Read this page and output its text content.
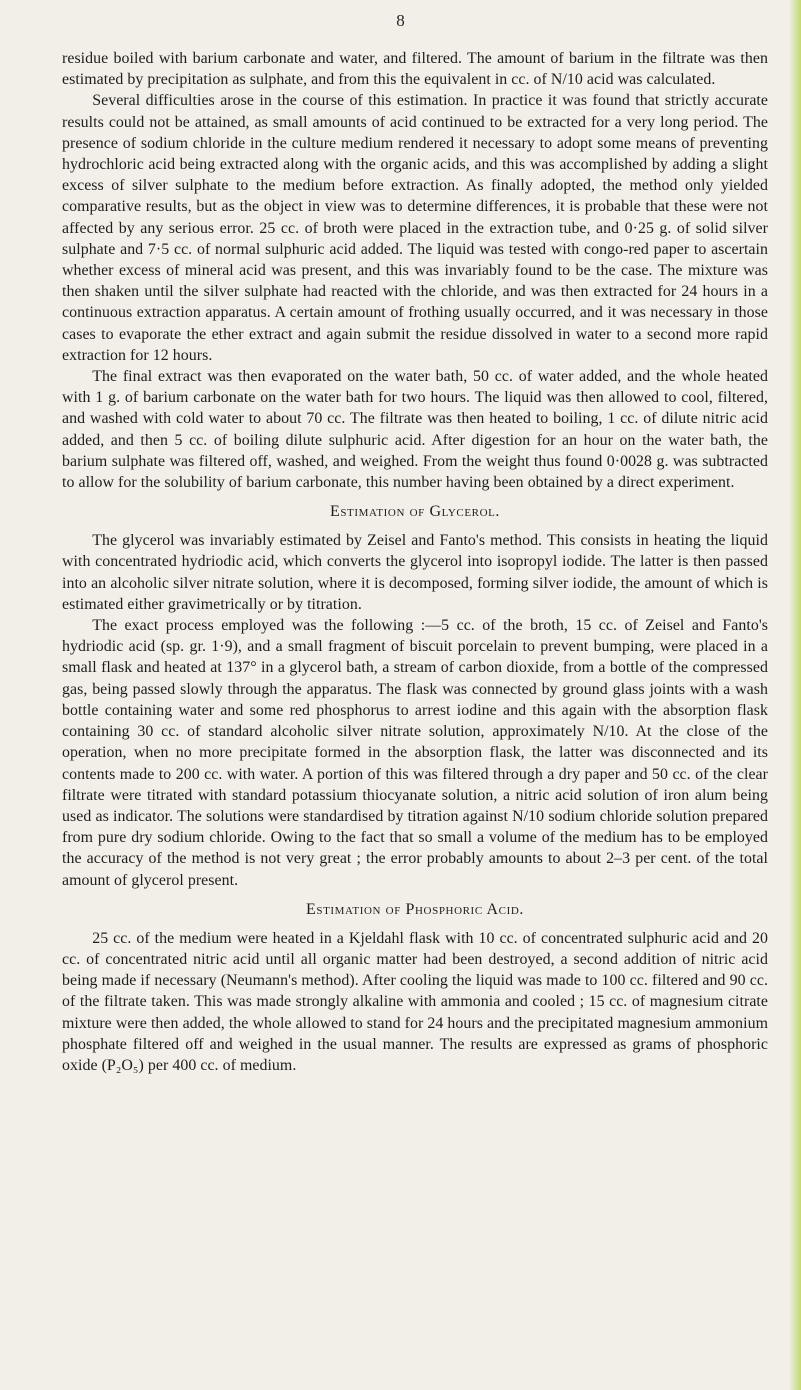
8

residue boiled with barium carbonate and water, and filtered. The amount of barium in the filtrate was then estimated by precipitation as sulphate, and from this the equivalent in cc. of N/10 acid was calculated.

Several difficulties arose in the course of this estimation. In practice it was found that strictly accurate results could not be attained, as small amounts of acid continued to be extracted for a very long period. The presence of sodium chloride in the culture medium rendered it necessary to adopt some means of preventing hydrochloric acid being extracted along with the organic acids, and this was accomplished by adding a slight excess of silver sulphate to the medium before extraction. As finally adopted, the method only yielded comparative results, but as the object in view was to determine differences, it is probable that these were not affected by any serious error. 25 cc. of broth were placed in the extraction tube, and 0·25 g. of solid silver sulphate and 7·5 cc. of normal sulphuric acid added. The liquid was tested with congo-red paper to ascertain whether excess of mineral acid was present, and this was invariably found to be the case. The mixture was then shaken until the silver sulphate had reacted with the chloride, and was then extracted for 24 hours in a continuous extraction apparatus. A certain amount of frothing usually occurred, and it was necessary in those cases to evaporate the ether extract and again submit the residue dissolved in water to a second more rapid extraction for 12 hours.

The final extract was then evaporated on the water bath, 50 cc. of water added, and the whole heated with 1 g. of barium carbonate on the water bath for two hours. The liquid was then allowed to cool, filtered, and washed with cold water to about 70 cc. The filtrate was then heated to boiling, 1 cc. of dilute nitric acid added, and then 5 cc. of boiling dilute sulphuric acid. After digestion for an hour on the water bath, the barium sulphate was filtered off, washed, and weighed. From the weight thus found 0·0028 g. was subtracted to allow for the solubility of barium carbonate, this number having been obtained by a direct experiment.

Estimation of Glycerol.

The glycerol was invariably estimated by Zeisel and Fanto's method. This consists in heating the liquid with concentrated hydriodic acid, which converts the glycerol into isopropyl iodide. The latter is then passed into an alcoholic silver nitrate solution, where it is decomposed, forming silver iodide, the amount of which is estimated either gravimetrically or by titration.

The exact process employed was the following :—5 cc. of the broth, 15 cc. of Zeisel and Fanto's hydriodic acid (sp. gr. 1·9), and a small fragment of biscuit porcelain to prevent bumping, were placed in a small flask and heated at 137° in a glycerol bath, a stream of carbon dioxide, from a bottle of the compressed gas, being passed slowly through the apparatus. The flask was connected by ground glass joints with a wash bottle containing water and some red phosphorus to arrest iodine and this again with the absorption flask containing 30 cc. of standard alcoholic silver nitrate solution, approximately N/10. At the close of the operation, when no more precipitate formed in the absorption flask, the latter was disconnected and its contents made to 200 cc. with water. A portion of this was filtered through a dry paper and 50 cc. of the clear filtrate were titrated with standard potassium thiocyanate solution, a nitric acid solution of iron alum being used as indicator. The solutions were standardised by titration against N/10 sodium chloride solution prepared from pure dry sodium chloride. Owing to the fact that so small a volume of the medium has to be employed the accuracy of the method is not very great ; the error probably amounts to about 2–3 per cent. of the total amount of glycerol present.

Estimation of Phosphoric Acid.

25 cc. of the medium were heated in a Kjeldahl flask with 10 cc. of concentrated sulphuric acid and 20 cc. of concentrated nitric acid until all organic matter had been destroyed, a second addition of nitric acid being made if necessary (Neumann's method). After cooling the liquid was made to 100 cc. filtered and 90 cc. of the filtrate taken. This was made strongly alkaline with ammonia and cooled ; 15 cc. of magnesium citrate mixture were then added, the whole allowed to stand for 24 hours and the precipitated magnesium ammonium phosphate filtered off and weighed in the usual manner. The results are expressed as grams of phosphoric oxide (P₂O₅) per 400 cc. of medium.
